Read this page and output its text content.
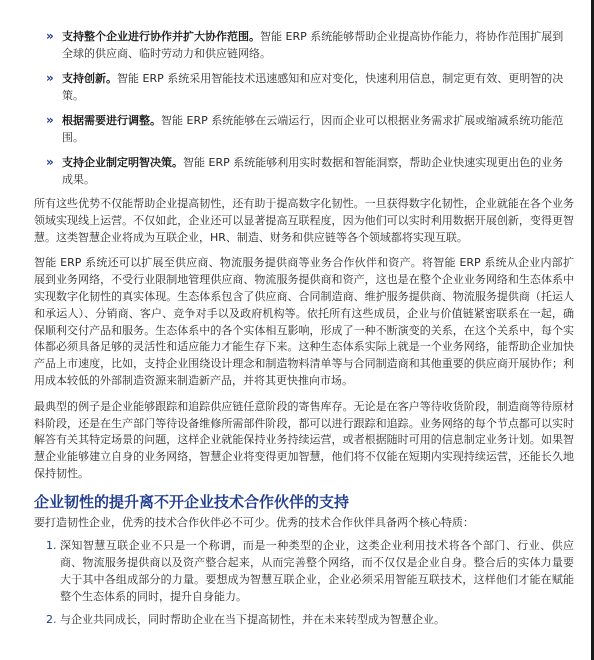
» 支持整个企业进行协作并扩大协作范围。智能 ERP 系统能够帮助企业提高协作能力，将协作范围扩展到全球的供应商、临时劳动力和供应链网络。
» 支持创新。智能 ERP 系统采用智能技术迅速感知和应对变化，快速利用信息，制定更有效、更明智的决策。
» 根据需要进行调整。智能 ERP 系统能够在云端运行，因而企业可以根据业务需求扩展或缩减系统功能范围。
» 支持企业制定明智决策。智能 ERP 系统能够利用实时数据和智能洞察，帮助企业快速实现更出色的业务成果。

所有这些优势不仅能帮助企业提高韧性，还有助于提高数字化韧性。一旦获得数字化韧性，企业就能在各个业务领域实现线上运营。不仅如此，企业还可以显著提高互联程度，因为他们可以实时利用数据开展创新，变得更智慧。这类智慧企业将成为互联企业，HR、制造、财务和供应链等各个领域都将实现互联。

智能 ERP 系统还可以扩展至供应商、物流服务提供商等业务合作伙伴和资产。将智能 ERP 系统从企业内部扩展到业务网络，不受行业限制地管理供应商、物流服务提供商和资产，这也是在整个企业业务网络和生态体系中实现数字化韧性的真实体现。生态体系包含了供应商、合同制造商、维护服务提供商、物流服务提供商（托运人和承运人）、分销商、客户、竞争对手以及政府机构等。依托所有这些成员，企业与价值链紧密联系在一起，确保顺利交付产品和服务。生态体系中的各个实体相互影响，形成了一种不断演变的关系，在这个关系中，每个实体都必须具备足够的灵活性和适应能力才能生存下来。这种生态体系实际上就是一个业务网络，能帮助企业加快产品上市速度，比如，支持企业围绕设计理念和制造物料清单等与合同制造商和其他重要的供应商开展协作；利用成本较低的外部制造资源来制造新产品，并将其更快推向市场。

最典型的例子是企业能够跟踪和追踪供应链任意阶段的寄售库存。无论是在客户等待收货阶段，制造商等待原材料阶段，还是在生产部门等待设备维修所需部件阶段，都可以进行跟踪和追踪。业务网络的每个节点都可以实时解答有关其特定场景的问题，这样企业就能保持业务持续运营，或者根据随时可用的信息制定业务计划。如果智慧企业能够建立自身的业务网络，智慧企业将变得更加智慧，他们将不仅能在短期内实现持续运营，还能长久地保持韧性。

企业韧性的提升离不开企业技术合作伙伴的支持

要打造韧性企业，优秀的技术合作伙伴必不可少。优秀的技术合作伙伴具备两个核心特质：

1. 深知智慧互联企业不只是一个称谓，而是一种类型的企业，这类企业利用技术将各个部门、行业、供应商、物流服务提供商以及资产整合起来，从而完善整个网络，而不仅仅是企业自身。整合后的实体力量要大于其中各组成部分的力量。要想成为智慧互联企业，企业必须采用智能互联技术，这样他们才能在赋能整个生态体系的同时，提升自身能力。
2. 与企业共同成长，同时帮助企业在当下提高韧性，并在未来转型成为智慧企业。
